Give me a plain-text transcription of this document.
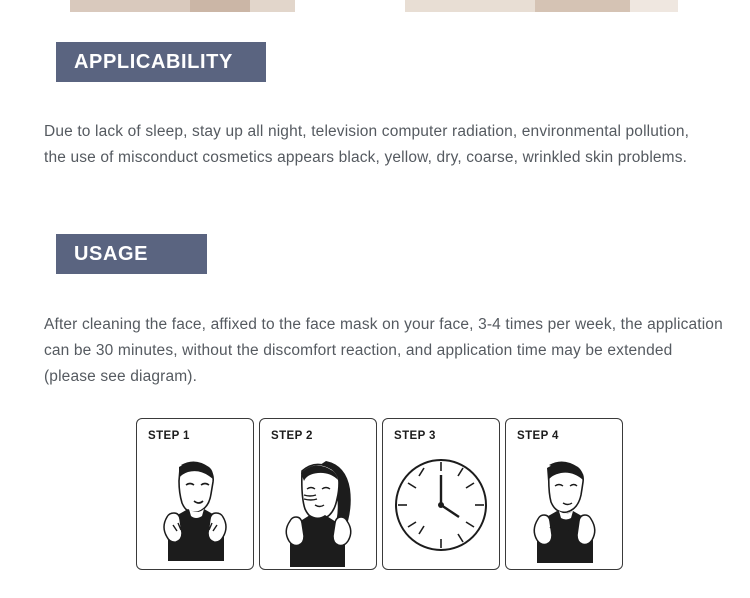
APPLICABILITY

Due to lack of sleep, stay up all night, television computer radiation, environmental pollution, the use of misconduct cosmetics appears black, yellow, dry, coarse, wrinkled skin problems.

USAGE

After cleaning the face, affixed to the face mask on your face, 3-4 times per week, the application can be 30 minutes, without the discomfort reaction, and application time may be extended (please see diagram).

STEP 1	STEP 2	STEP 3	STEP 4
